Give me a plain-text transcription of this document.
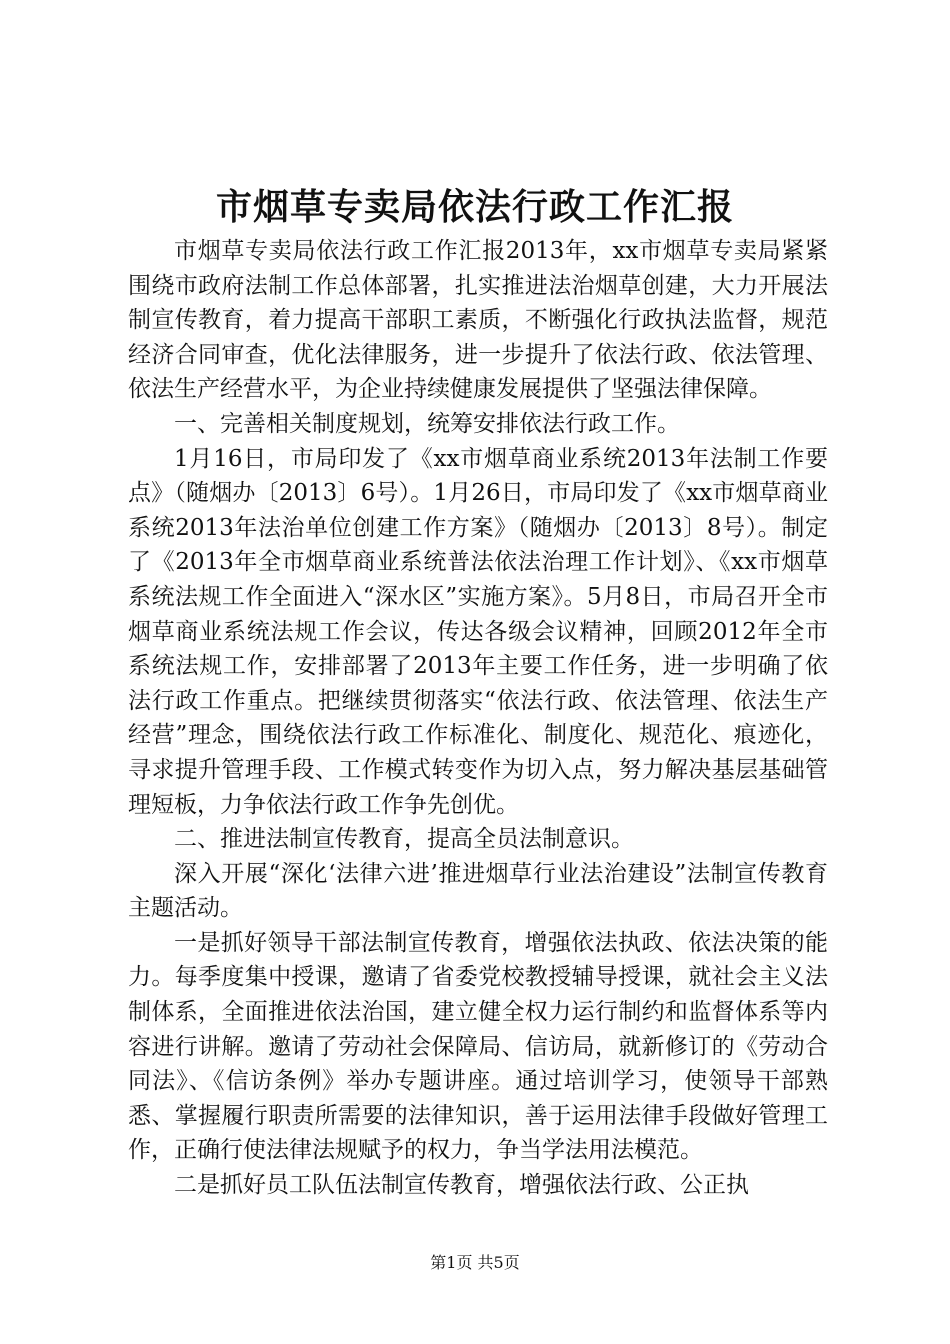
市烟草专卖局依法行政工作汇报

市烟草专卖局依法行政工作汇报2013年，xx市烟草专卖局紧紧围绕市政府法制工作总体部署，扎实推进法治烟草创建，大力开展法制宣传教育，着力提高干部职工素质，不断强化行政执法监督，规范经济合同审查，优化法律服务，进一步提升了依法行政、依法管理、依法生产经营水平，为企业持续健康发展提供了坚强法律保障。

一、完善相关制度规划，统筹安排依法行政工作。

1月16日，市局印发了《xx市烟草商业系统2013年法制工作要点》（随烟办〔2013〕6号）。1月26日，市局印发了《xx市烟草商业系统2013年法治单位创建工作方案》（随烟办〔2013〕8号）。制定了《2013年全市烟草商业系统普法依法治理工作计划》、《xx市烟草系统法规工作全面进入“深水区”实施方案》。5月8日，市局召开全市烟草商业系统法规工作会议，传达各级会议精神，回顾2012年全市系统法规工作，安排部署了2013年主要工作任务，进一步明确了依法行政工作重点。把继续贯彻落实“依法行政、依法管理、依法生产经营”理念，围绕依法行政工作标准化、制度化、规范化、痕迹化，寻求提升管理手段、工作模式转变作为切入点，努力解决基层基础管理短板，力争依法行政工作争先创优。

二、推进法制宣传教育，提高全员法制意识。

深入开展“深化‘法律六进’推进烟草行业法治建设”法制宣传教育主题活动。

一是抓好领导干部法制宣传教育，增强依法执政、依法决策的能力。每季度集中授课，邀请了省委党校教授辅导授课，就社会主义法制体系，全面推进依法治国，建立健全权力运行制约和监督体系等内容进行讲解。邀请了劳动社会保障局、信访局，就新修订的《劳动合同法》、《信访条例》举办专题讲座。通过培训学习，使领导干部熟悉、掌握履行职责所需要的法律知识，善于运用法律手段做好管理工作，正确行使法律法规赋予的权力，争当学法用法模范。

二是抓好员工队伍法制宣传教育，增强依法行政、公正执

第1页 共5页
